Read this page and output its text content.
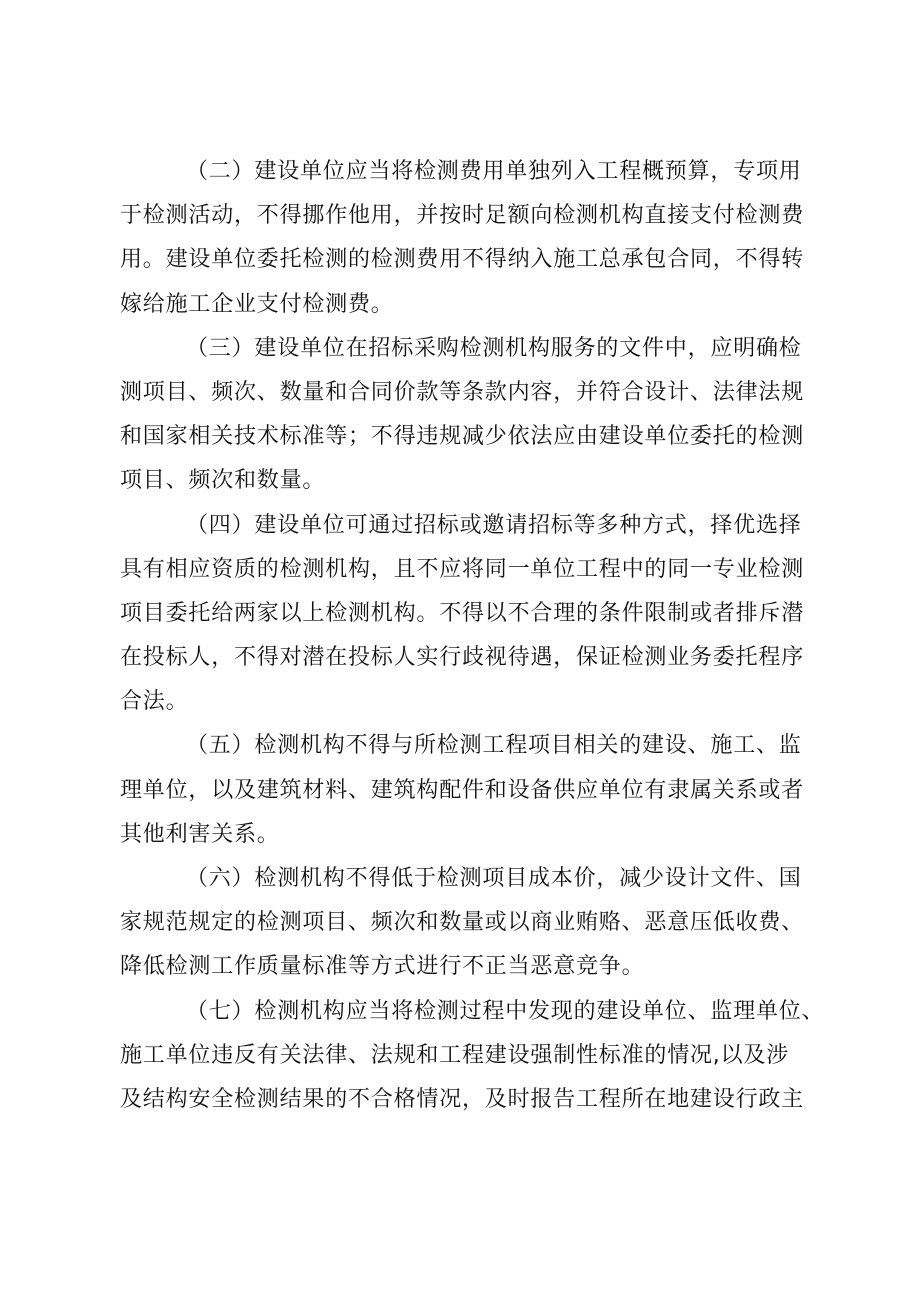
（二）建设单位应当将检测费用单独列入工程概预算，专项用
于检测活动，不得挪作他用，并按时足额向检测机构直接支付检测费
用。建设单位委托检测的检测费用不得纳入施工总承包合同，不得转
嫁给施工企业支付检测费。
（三）建设单位在招标采购检测机构服务的文件中，应明确检
测项目、频次、数量和合同价款等条款内容，并符合设计、法律法规
和国家相关技术标准等；不得违规减少依法应由建设单位委托的检测
项目、频次和数量。
（四）建设单位可通过招标或邀请招标等多种方式，择优选择
具有相应资质的检测机构，且不应将同一单位工程中的同一专业检测
项目委托给两家以上检测机构。不得以不合理的条件限制或者排斥潜
在投标人，不得对潜在投标人实行歧视待遇，保证检测业务委托程序
合法。
（五）检测机构不得与所检测工程项目相关的建设、施工、监
理单位，以及建筑材料、建筑构配件和设备供应单位有隶属关系或者
其他利害关系。
（六）检测机构不得低于检测项目成本价，减少设计文件、国
家规范规定的检测项目、频次和数量或以商业贿赂、恶意压低收费、
降低检测工作质量标准等方式进行不正当恶意竞争。
（七）检测机构应当将检测过程中发现的建设单位、监理单位、
施工单位违反有关法律、法规和工程建设强制性标准的情况,以及涉
及结构安全检测结果的不合格情况，及时报告工程所在地建设行政主
